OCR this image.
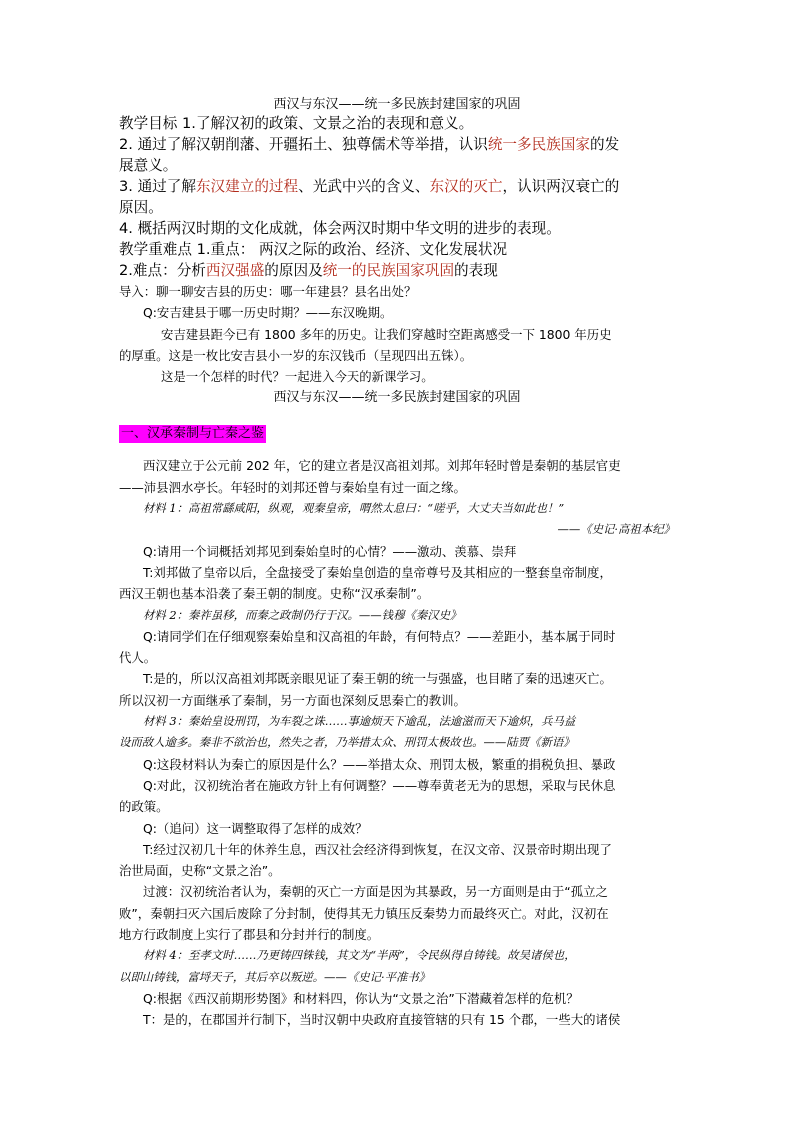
西汉与东汉——统一多民族封建国家的巩固
教学目标 1.了解汉初的政策、文景之治的表现和意义。
2. 通过了解汉朝削藩、开疆拓土、独尊儒术等举措，认识统一多民族国家的发
展意义。
3. 通过了解东汉建立的过程、光武中兴的含义、东汉的灭亡，认识两汉衰亡的
原因。
4. 概括两汉时期的文化成就，体会两汉时期中华文明的进步的表现。
教学重难点 1.重点： 两汉之际的政治、经济、文化发展状况
2.难点：分析西汉强盛的原因及统一的民族国家巩固的表现
导入：聊一聊安吉县的历史：哪一年建县？县名出处？
Q:安吉建县于哪一历史时期？——东汉晚期。
安吉建县距今已有 1800 多年的历史。让我们穿越时空距离感受一下 1800 年历史
的厚重。这是一枚比安吉县小一岁的东汉钱币（呈现四出五铢）。
这是一个怎样的时代？一起进入今天的新课学习。
西汉与东汉——统一多民族封建国家的巩固
一、汉承秦制与亡秦之鉴
西汉建立于公元前 202 年，它的建立者是汉高祖刘邦。刘邦年轻时曾是秦朝的基层官吏
——沛县泗水亭长。年轻时的刘邦还曾与秦始皇有过一面之缘。
材料 1：高祖常繇咸阳，纵观，观秦皇帝，喟然太息曰：“嗟乎，大丈夫当如此也！”
——《史记·高祖本纪》
Q:请用一个词概括刘邦见到秦始皇时的心情？——激动、羡慕、崇拜
T:刘邦做了皇帝以后，全盘接受了秦始皇创造的皇帝尊号及其相应的一整套皇帝制度，
西汉王朝也基本沿袭了秦王朝的制度。史称“汉承秦制”。
材料 2：秦祚虽移，而秦之政制仍行于汉。——钱穆《秦汉史》
Q:请同学们在仔细观察秦始皇和汉高祖的年龄，有何特点？——差距小，基本属于同时
代人。
T:是的，所以汉高祖刘邦既亲眼见证了秦王朝的统一与强盛，也目睹了秦的迅速灭亡。
所以汉初一方面继承了秦制，另一方面也深刻反思秦亡的教训。
材料 3：秦始皇设刑罚，为车裂之诛……事逾烦天下逾乱，法逾滋而天下逾炽，兵马益
设而敌人逾多。秦非不欲治也，然失之者，乃举措太众、刑罚太极故也。——陆贾《新语》
Q:这段材料认为秦亡的原因是什么？——举措太众、刑罚太极，繁重的捐税负担、暴政
Q:对此，汉初统治者在施政方针上有何调整？——尊奉黄老无为的思想，采取与民休息
的政策。
Q:（追问）这一调整取得了怎样的成效？
T:经过汉初几十年的休养生息，西汉社会经济得到恢复，在汉文帝、汉景帝时期出现了
治世局面，史称“文景之治”。
过渡：汉初统治者认为，秦朝的灭亡一方面是因为其暴政，另一方面则是由于“孤立之
败”，秦朝扫灭六国后废除了分封制，使得其无力镇压反秦势力而最终灭亡。对此，汉初在
地方行政制度上实行了郡县和分封并行的制度。
材料 4：至孝文时……乃更铸四铢钱，其文为“半两”，令民纵得自铸钱。故吴诸侯也，
以即山铸钱，富埒天子，其后卒以叛逆。——《史记·平准书》
Q:根据《西汉前期形势图》和材料四，你认为“文景之治”下潜藏着怎样的危机？
T：是的，在郡国并行制下，当时汉朝中央政府直接管辖的只有 15 个郡，一些大的诸侯
